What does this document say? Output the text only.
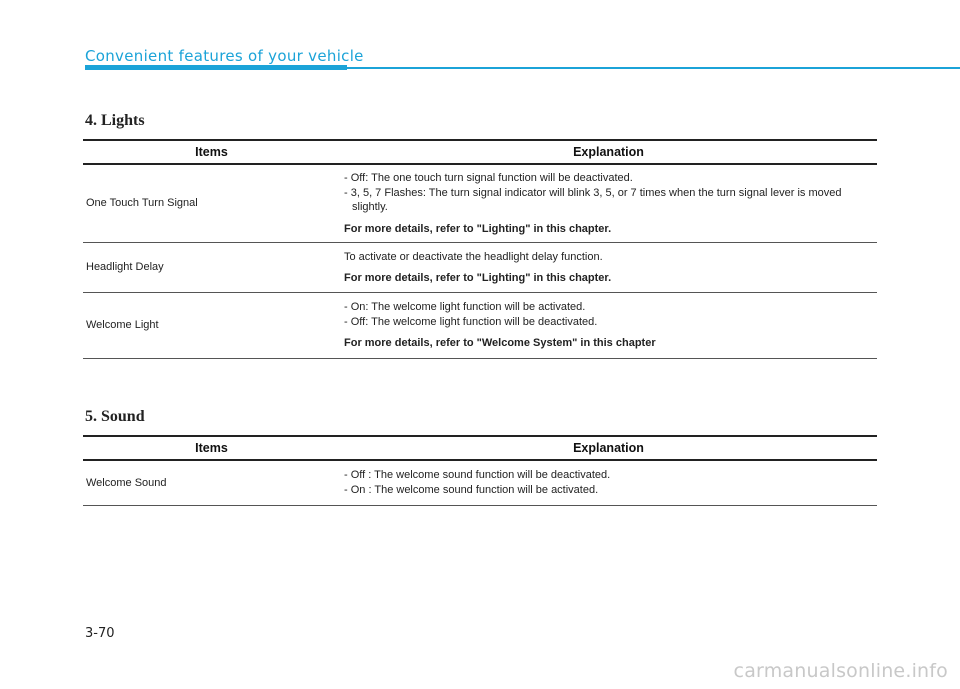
Convenient features of your vehicle
4. Lights
Items	Explanation
One Touch Turn Signal	- Off: The one touch turn signal function will be deactivated.
- 3, 5, 7 Flashes: The turn signal indicator will blink 3, 5, or 7 times when the turn signal lever is moved slightly.
For more details, refer to "Lighting" in this chapter.

Headlight Delay	To activate or deactivate the headlight delay function.
For more details, refer to "Lighting" in this chapter.

Welcome Light	- On: The welcome light function will be activated.
- Off: The welcome light function will be deactivated.
For more details, refer to "Welcome System" in this chapter
5. Sound
Items	Explanation
Welcome Sound	- Off : The welcome sound function will be deactivated.
- On : The welcome sound function will be activated.
3-70
carmanualsonline.info
